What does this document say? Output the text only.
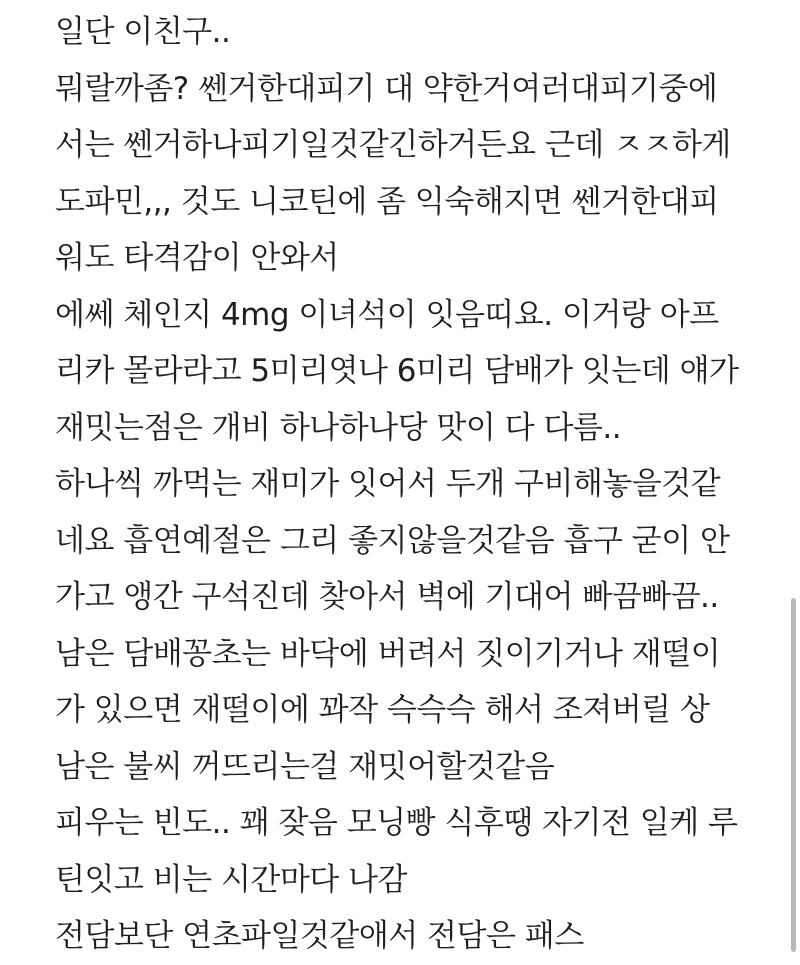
일단 이친구..
뭐랄까좀? 쎈거한대피기 대 약한거여러대피기중에
서는 쎈거하나피기일것같긴하거든요 근데 ㅈㅈ하게
도파민,,, 것도 니코틴에 좀 익숙해지면 쎈거한대피
워도 타격감이 안와서
에쎄 체인지 4mg 이녀석이 잇음띠요. 이거랑 아프
리카 몰라라고 5미리엿나 6미리 담배가 잇는데 얘가
재밋는점은 개비 하나하나당 맛이 다 다름..
하나씩 까먹는 재미가 잇어서 두개 구비해놓을것같
네요 흡연예절은 그리 좋지않을것같음 흡구 굳이 안
가고 앵간 구석진데 찾아서 벽에 기대어 빠끔빠끔..
남은 담배꽁초는 바닥에 버려서 짓이기거나 재떨이
가 있으면 재떨이에 꽈작 슥슥슥 해서 조져버릴 상
남은 불씨 꺼뜨리는걸 재밋어할것같음
피우는 빈도.. 꽤 잦음 모닝빵 식후땡 자기전 일케 루
틴잇고 비는 시간마다 나감
전담보단 연초파일것같애서 전담은 패스
